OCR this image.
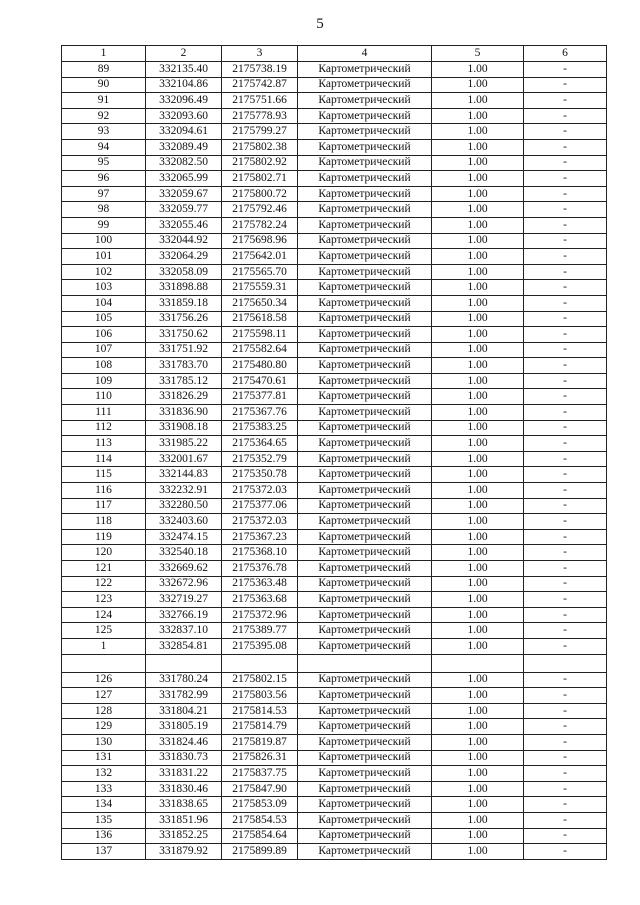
5
1	2	3	4	5	6
89	332135.40	2175738.19	Картометрический	1.00	-
90	332104.86	2175742.87	Картометрический	1.00	-
91	332096.49	2175751.66	Картометрический	1.00	-
92	332093.60	2175778.93	Картометрический	1.00	-
93	332094.61	2175799.27	Картометрический	1.00	-
94	332089.49	2175802.38	Картометрический	1.00	-
95	332082.50	2175802.92	Картометрический	1.00	-
96	332065.99	2175802.71	Картометрический	1.00	-
97	332059.67	2175800.72	Картометрический	1.00	-
98	332059.77	2175792.46	Картометрический	1.00	-
99	332055.46	2175782.24	Картометрический	1.00	-
100	332044.92	2175698.96	Картометрический	1.00	-
101	332064.29	2175642.01	Картометрический	1.00	-
102	332058.09	2175565.70	Картометрический	1.00	-
103	331898.88	2175559.31	Картометрический	1.00	-
104	331859.18	2175650.34	Картометрический	1.00	-
105	331756.26	2175618.58	Картометрический	1.00	-
106	331750.62	2175598.11	Картометрический	1.00	-
107	331751.92	2175582.64	Картометрический	1.00	-
108	331783.70	2175480.80	Картометрический	1.00	-
109	331785.12	2175470.61	Картометрический	1.00	-
110	331826.29	2175377.81	Картометрический	1.00	-
111	331836.90	2175367.76	Картометрический	1.00	-
112	331908.18	2175383.25	Картометрический	1.00	-
113	331985.22	2175364.65	Картометрический	1.00	-
114	332001.67	2175352.79	Картометрический	1.00	-
115	332144.83	2175350.78	Картометрический	1.00	-
116	332232.91	2175372.03	Картометрический	1.00	-
117	332280.50	2175377.06	Картометрический	1.00	-
118	332403.60	2175372.03	Картометрический	1.00	-
119	332474.15	2175367.23	Картометрический	1.00	-
120	332540.18	2175368.10	Картометрический	1.00	-
121	332669.62	2175376.78	Картометрический	1.00	-
122	332672.96	2175363.48	Картометрический	1.00	-
123	332719.27	2175363.68	Картометрический	1.00	-
124	332766.19	2175372.96	Картометрический	1.00	-
125	332837.10	2175389.77	Картометрический	1.00	-
1	332854.81	2175395.08	Картометрический	1.00	-

126	331780.24	2175802.15	Картометрический	1.00	-
127	331782.99	2175803.56	Картометрический	1.00	-
128	331804.21	2175814.53	Картометрический	1.00	-
129	331805.19	2175814.79	Картометрический	1.00	-
130	331824.46	2175819.87	Картометрический	1.00	-
131	331830.73	2175826.31	Картометрический	1.00	-
132	331831.22	2175837.75	Картометрический	1.00	-
133	331830.46	2175847.90	Картометрический	1.00	-
134	331838.65	2175853.09	Картометрический	1.00	-
135	331851.96	2175854.53	Картометрический	1.00	-
136	331852.25	2175854.64	Картометрический	1.00	-
137	331879.92	2175899.89	Картометрический	1.00	-
